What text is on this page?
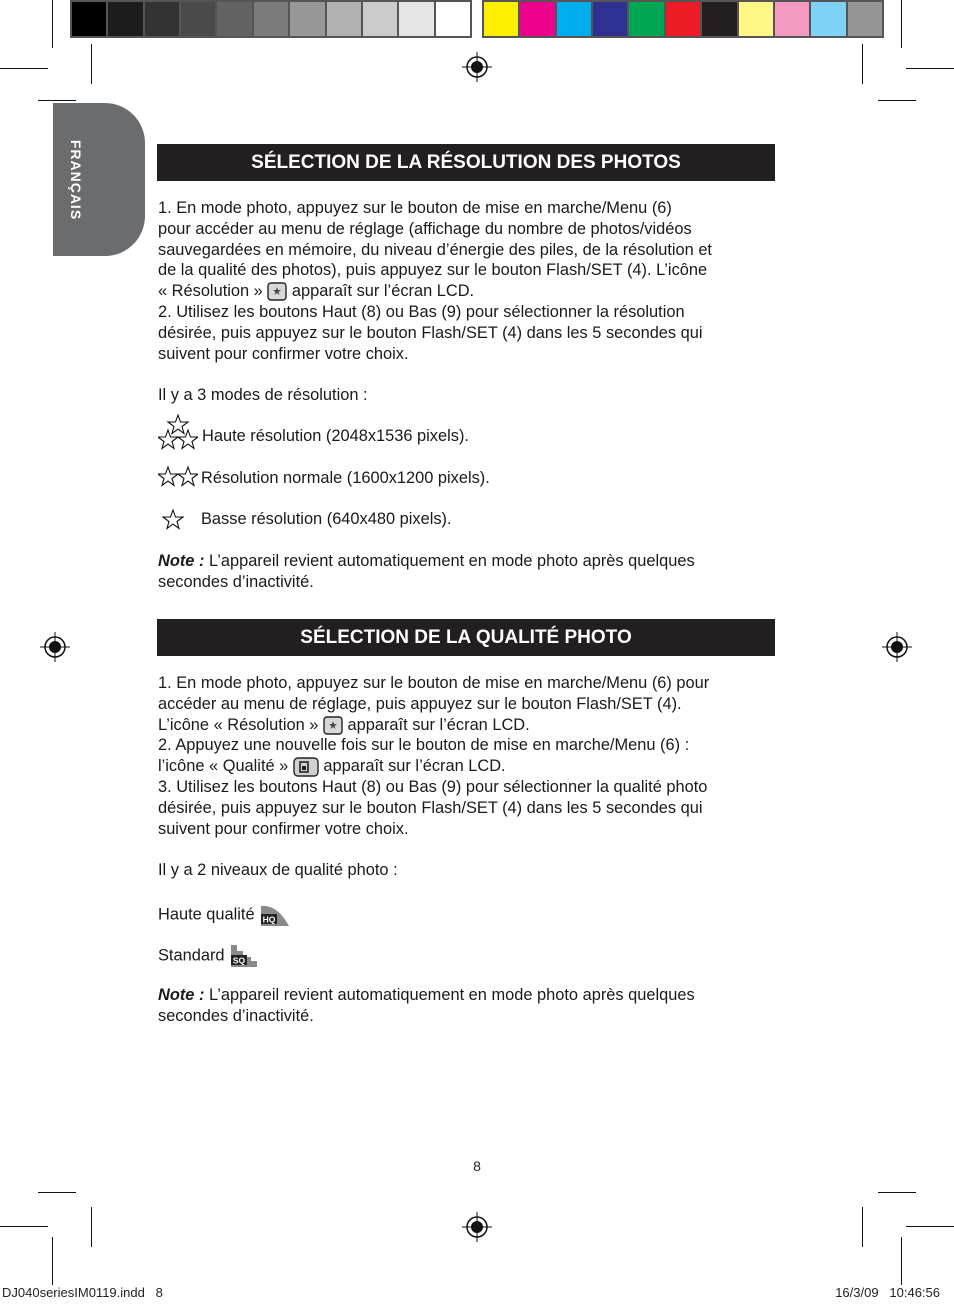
FRANÇAIS	SÉLECTION DE LA RÉSOLUTION DES PHOTOS
1. En mode photo, appuyez sur le bouton de mise en marche/Menu (6)
pour accéder au menu de réglage (affichage du nombre de photos/vidéos
sauvegardées en mémoire, du niveau d’énergie des piles, de la résolution et
de la qualité des photos), puis appuyez sur le bouton Flash/SET (4). L’icône
« Résolution »  apparaît sur l’écran LCD.
2. Utilisez les boutons Haut (8) ou Bas (9) pour sélectionner la résolution
désirée, puis appuyez sur le bouton Flash/SET (4) dans les 5 secondes qui
suivent pour confirmer votre choix.
Il y a 3 modes de résolution :
Haute résolution (2048x1536 pixels).
Résolution normale (1600x1200 pixels).
Basse résolution (640x480 pixels).
Note : L’appareil revient automatiquement en mode photo après quelques
secondes d’inactivité.
SÉLECTION DE LA QUALITÉ PHOTO
1. En mode photo, appuyez sur le bouton de mise en marche/Menu (6) pour
accéder au menu de réglage, puis appuyez sur le bouton Flash/SET (4).
L’icône « Résolution »  apparaît sur l’écran LCD.
2. Appuyez une nouvelle fois sur le bouton de mise en marche/Menu (6) :
l’icône « Qualité »  apparaît sur l’écran LCD.
3. Utilisez les boutons Haut (8) ou Bas (9) pour sélectionner la qualité photo
désirée, puis appuyez sur le bouton Flash/SET (4) dans les 5 secondes qui
suivent pour confirmer votre choix.
Il y a 2 niveaux de qualité photo :
Haute qualité HQ
Standard SQ
Note : L’appareil revient automatiquement en mode photo après quelques
secondes d’inactivité.
8
DJ040seriesIM0119.indd   8	16/3/09   10:46:56
